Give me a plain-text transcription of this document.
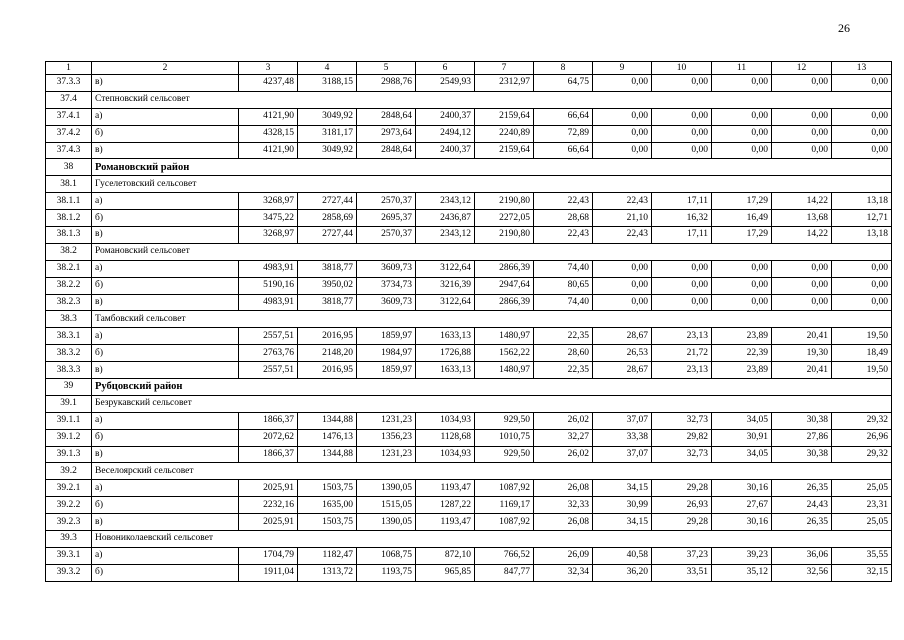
26
1	2	3	4	5	6	7	8	9	10	11	12	13
37.3.3	в)	4237,48	3188,15	2988,76	2549,93	2312,97	64,75	0,00	0,00	0,00	0,00	0,00
37.4	Степновский сельсовет											
37.4.1	а)	4121,90	3049,92	2848,64	2400,37	2159,64	66,64	0,00	0,00	0,00	0,00	0,00
37.4.2	б)	4328,15	3181,17	2973,64	2494,12	2240,89	72,89	0,00	0,00	0,00	0,00	0,00
37.4.3	в)	4121,90	3049,92	2848,64	2400,37	2159,64	66,64	0,00	0,00	0,00	0,00	0,00
38	Романовский район											
38.1	Гуселетовский сельсовет											
38.1.1	а)	3268,97	2727,44	2570,37	2343,12	2190,80	22,43	22,43	17,11	17,29	14,22	13,18
38.1.2	б)	3475,22	2858,69	2695,37	2436,87	2272,05	28,68	21,10	16,32	16,49	13,68	12,71
38.1.3	в)	3268,97	2727,44	2570,37	2343,12	2190,80	22,43	22,43	17,11	17,29	14,22	13,18
38.2	Романовский сельсовет											
38.2.1	а)	4983,91	3818,77	3609,73	3122,64	2866,39	74,40	0,00	0,00	0,00	0,00	0,00
38.2.2	б)	5190,16	3950,02	3734,73	3216,39	2947,64	80,65	0,00	0,00	0,00	0,00	0,00
38.2.3	в)	4983,91	3818,77	3609,73	3122,64	2866,39	74,40	0,00	0,00	0,00	0,00	0,00
38.3	Тамбовский сельсовет											
38.3.1	а)	2557,51	2016,95	1859,97	1633,13	1480,97	22,35	28,67	23,13	23,89	20,41	19,50
38.3.2	б)	2763,76	2148,20	1984,97	1726,88	1562,22	28,60	26,53	21,72	22,39	19,30	18,49
38.3.3	в)	2557,51	2016,95	1859,97	1633,13	1480,97	22,35	28,67	23,13	23,89	20,41	19,50
39	Рубцовский район											
39.1	Безрукавский сельсовет											
39.1.1	а)	1866,37	1344,88	1231,23	1034,93	929,50	26,02	37,07	32,73	34,05	30,38	29,32
39.1.2	б)	2072,62	1476,13	1356,23	1128,68	1010,75	32,27	33,38	29,82	30,91	27,86	26,96
39.1.3	в)	1866,37	1344,88	1231,23	1034,93	929,50	26,02	37,07	32,73	34,05	30,38	29,32
39.2	Веселоярский сельсовет											
39.2.1	а)	2025,91	1503,75	1390,05	1193,47	1087,92	26,08	34,15	29,28	30,16	26,35	25,05
39.2.2	б)	2232,16	1635,00	1515,05	1287,22	1169,17	32,33	30,99	26,93	27,67	24,43	23,31
39.2.3	в)	2025,91	1503,75	1390,05	1193,47	1087,92	26,08	34,15	29,28	30,16	26,35	25,05
39.3	Новониколаевский сельсовет											
39.3.1	а)	1704,79	1182,47	1068,75	872,10	766,52	26,09	40,58	37,23	39,23	36,06	35,55
39.3.2	б)	1911,04	1313,72	1193,75	965,85	847,77	32,34	36,20	33,51	35,12	32,56	32,15
